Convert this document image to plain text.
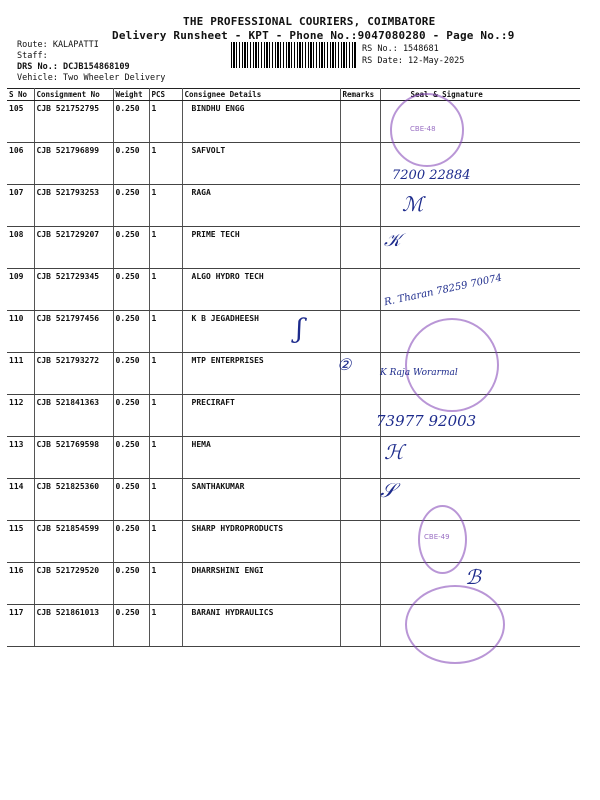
THE PROFESSIONAL COURIERS, COIMBATORE
Delivery Runsheet - KPT - Phone No.:9047080280 - Page No.:9
Route: KALAPATTI
Staff:
DRS No.: DCJB154868109
Vehicle: Two Wheeler Delivery
RS No.: 1548681
RS Date: 12-May-2025
S No	Consignment No	Weight	PCS	Consignee Details	Remarks	Seal & Signature
105	CJB 521752795	0.250	1	BINDHU ENGG		
106	CJB 521796899	0.250	1	SAFVOLT		
107	CJB 521793253	0.250	1	RAGA		
108	CJB 521729207	0.250	1	PRIME TECH		
109	CJB 521729345	0.250	1	ALGO HYDRO TECH		
110	CJB 521797456	0.250	1	K B JEGADHEESH		
111	CJB 521793272	0.250	1	MTP ENTERPRISES		
112	CJB 521841363	0.250	1	PRECIRAFT		
113	CJB 521769598	0.250	1	HEMA		
114	CJB 521825360	0.250	1	SANTHAKUMAR		
115	CJB 521854599	0.250	1	SHARP HYDROPRODUCTS		
116	CJB 521729520	0.250	1	DHARRSHINI ENGI		
117	CJB 521861013	0.250	1	BARANI HYDRAULICS		
CBE-48
CBE-49
7200 22884
ℳ
𝒦
R. Tharan 78259 70074
②	K Raja Worarmal
73977 92003
ℋ
𝒮
ℬ
ʃ
